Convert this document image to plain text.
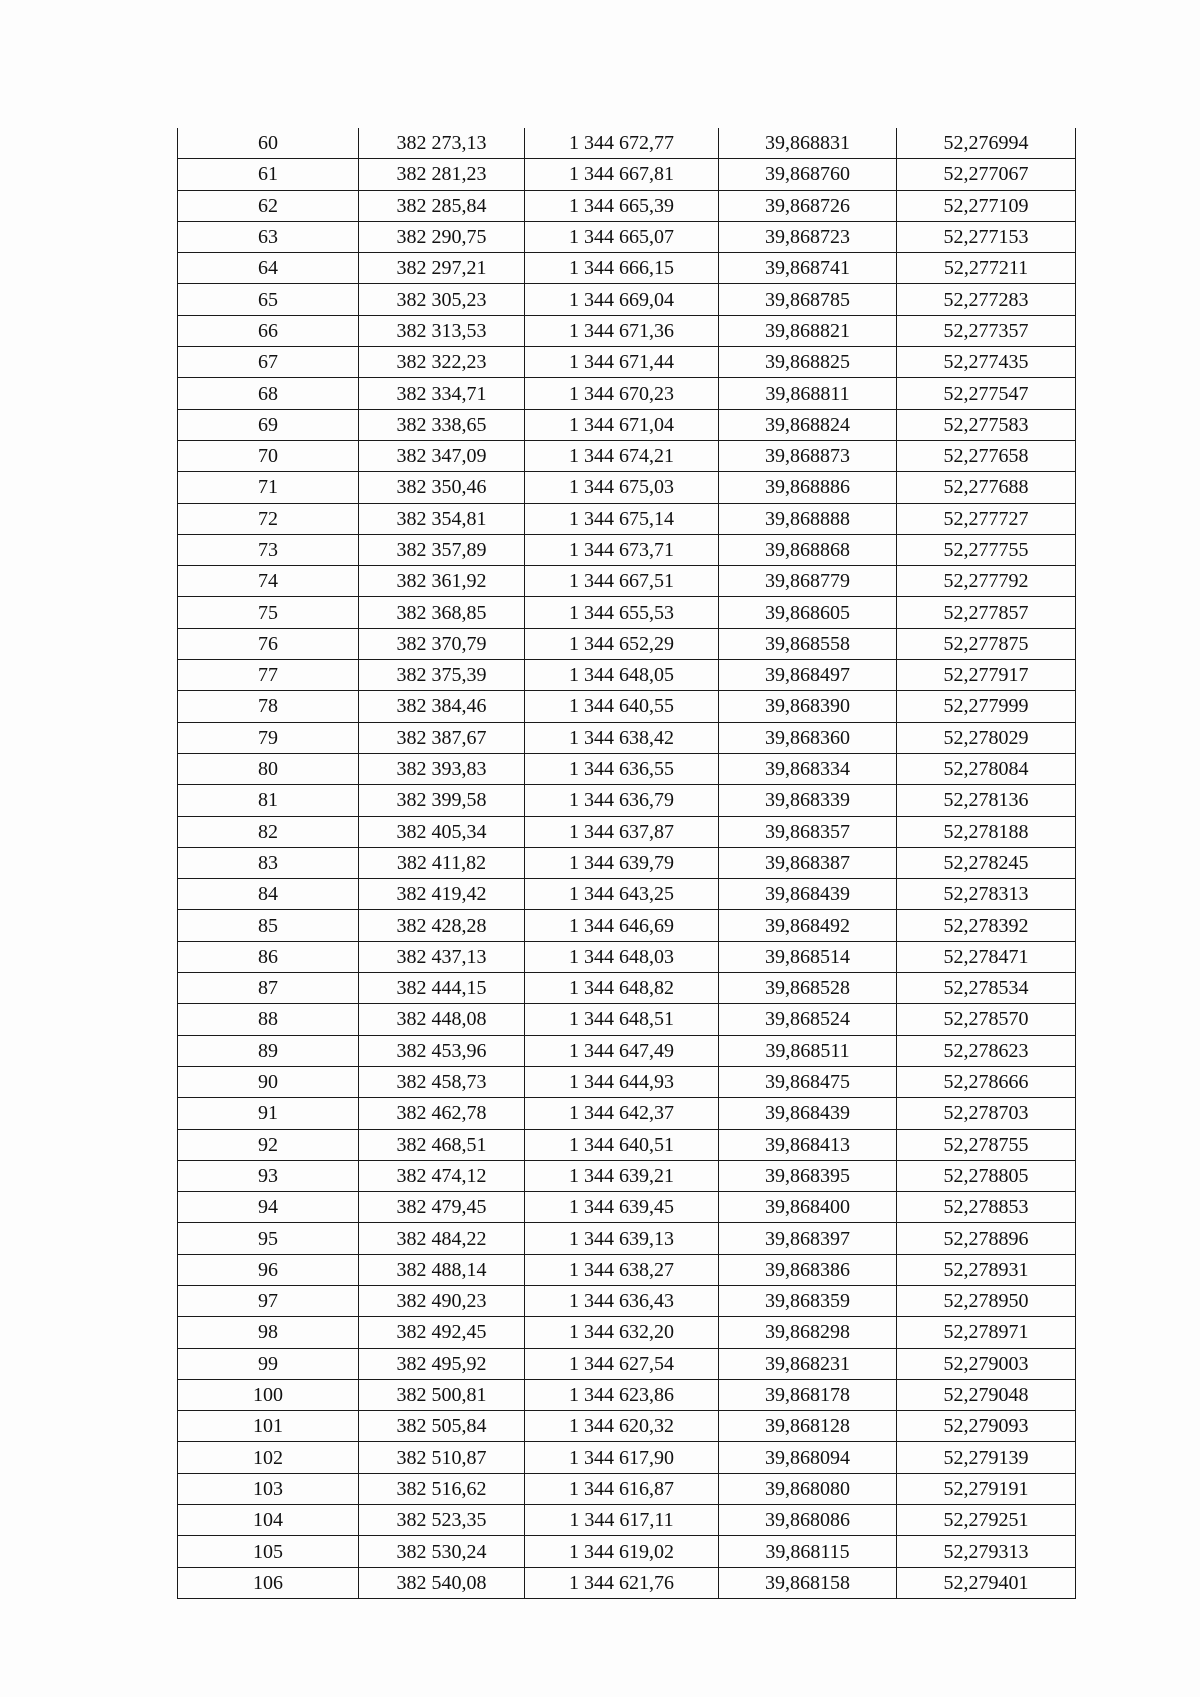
60	382 273,13	1 344 672,77	39,868831	52,276994
61	382 281,23	1 344 667,81	39,868760	52,277067
62	382 285,84	1 344 665,39	39,868726	52,277109
63	382 290,75	1 344 665,07	39,868723	52,277153
64	382 297,21	1 344 666,15	39,868741	52,277211
65	382 305,23	1 344 669,04	39,868785	52,277283
66	382 313,53	1 344 671,36	39,868821	52,277357
67	382 322,23	1 344 671,44	39,868825	52,277435
68	382 334,71	1 344 670,23	39,868811	52,277547
69	382 338,65	1 344 671,04	39,868824	52,277583
70	382 347,09	1 344 674,21	39,868873	52,277658
71	382 350,46	1 344 675,03	39,868886	52,277688
72	382 354,81	1 344 675,14	39,868888	52,277727
73	382 357,89	1 344 673,71	39,868868	52,277755
74	382 361,92	1 344 667,51	39,868779	52,277792
75	382 368,85	1 344 655,53	39,868605	52,277857
76	382 370,79	1 344 652,29	39,868558	52,277875
77	382 375,39	1 344 648,05	39,868497	52,277917
78	382 384,46	1 344 640,55	39,868390	52,277999
79	382 387,67	1 344 638,42	39,868360	52,278029
80	382 393,83	1 344 636,55	39,868334	52,278084
81	382 399,58	1 344 636,79	39,868339	52,278136
82	382 405,34	1 344 637,87	39,868357	52,278188
83	382 411,82	1 344 639,79	39,868387	52,278245
84	382 419,42	1 344 643,25	39,868439	52,278313
85	382 428,28	1 344 646,69	39,868492	52,278392
86	382 437,13	1 344 648,03	39,868514	52,278471
87	382 444,15	1 344 648,82	39,868528	52,278534
88	382 448,08	1 344 648,51	39,868524	52,278570
89	382 453,96	1 344 647,49	39,868511	52,278623
90	382 458,73	1 344 644,93	39,868475	52,278666
91	382 462,78	1 344 642,37	39,868439	52,278703
92	382 468,51	1 344 640,51	39,868413	52,278755
93	382 474,12	1 344 639,21	39,868395	52,278805
94	382 479,45	1 344 639,45	39,868400	52,278853
95	382 484,22	1 344 639,13	39,868397	52,278896
96	382 488,14	1 344 638,27	39,868386	52,278931
97	382 490,23	1 344 636,43	39,868359	52,278950
98	382 492,45	1 344 632,20	39,868298	52,278971
99	382 495,92	1 344 627,54	39,868231	52,279003
100	382 500,81	1 344 623,86	39,868178	52,279048
101	382 505,84	1 344 620,32	39,868128	52,279093
102	382 510,87	1 344 617,90	39,868094	52,279139
103	382 516,62	1 344 616,87	39,868080	52,279191
104	382 523,35	1 344 617,11	39,868086	52,279251
105	382 530,24	1 344 619,02	39,868115	52,279313
106	382 540,08	1 344 621,76	39,868158	52,279401
